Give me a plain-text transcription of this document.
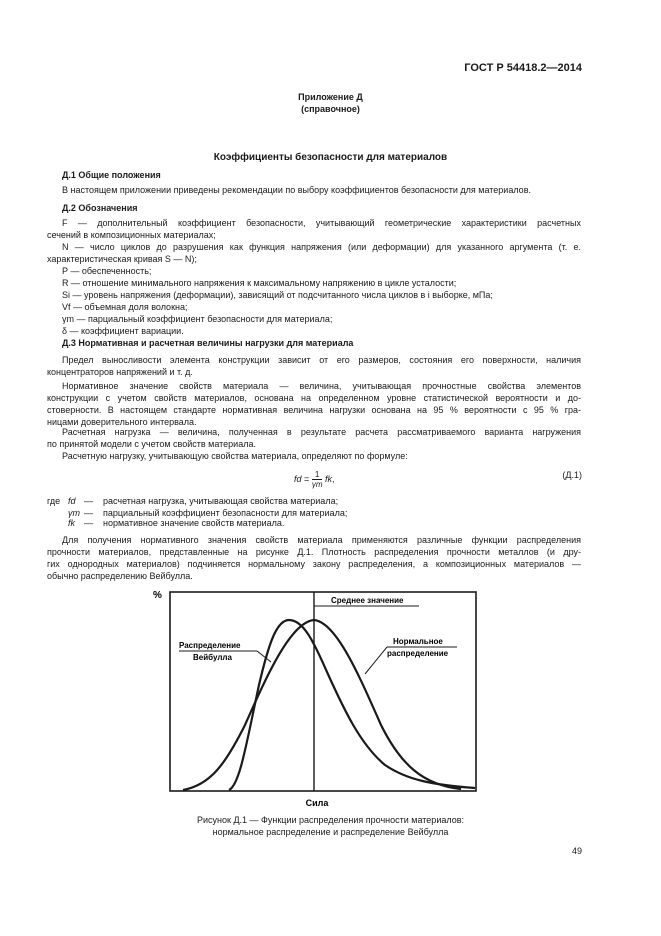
ГОСТ Р 54418.2—2014
Приложение Д
(справочное)
Коэффициенты безопасности для материалов
Д.1 Общие положения
В настоящем приложении приведены рекомендации по выбору коэффициентов безопасности для материалов.
Д.2 Обозначения
F — дополнительный коэффициент безопасности, учитывающий геометрические характеристики расчетных
сечений в композиционных материалах;
N — число циклов до разрушения как функция напряжения (или деформации) для указанного аргумента (т. е.
характеристическая кривая S — N);
P — обеспеченность;
R — отношение минимального напряжения к максимальному напряжению в цикле усталости;
Si — уровень напряжения (деформации), зависящий от подсчитанного числа циклов в i выборке, мПа;
Vf — объемная доля волокна;
γm — парциальный коэффициент безопасности для материала;
δ — коэффициент вариации.
Д.3 Нормативная и расчетная величины нагрузки для материала
Предел выносливости элемента конструкции зависит от его размеров, состояния его поверхности, наличия
концентраторов напряжений и т. д.
Нормативное значение свойств материала — величина, учитывающая прочностные свойства элементов
конструкции с учетом свойств материалов, основана на определенном уровне статистической вероятности и до-
стоверности. В настоящем стандарте нормативная величина нагрузки основана на 95 % вероятности с 95 % гра-
ницами доверительного интервала.
Расчетная нагрузка — величина, полученная в результате расчета рассматриваемого варианта нагружения
по принятой модели с учетом свойств материала.
Расчетную нагрузку, учитывающую свойства материала, определяют по формуле:
fd = $\frac{1}{\gamma m}$ fk,	(Д.1)
где fd — расчетная нагрузка, учитывающая свойства материала;
γm — парциальный коэффициент безопасности для материала;
fk — нормативное значение свойств материала.
Для получения нормативного значения свойств материала применяются различные функции распределения
прочности материалов, представленные на рисунке Д.1. Плотность распределения прочности металлов (и дру-
гих однородных материалов) подчиняется нормальному закону распределения, а композиционных материалов —
обычно распределению Вейбулла.
%	Среднее значение
Распределение
Вейбулла
Нормальное
распределение
Сила
Рисунок Д.1 — Функции распределения прочности материалов:
нормальное распределение и распределение Вейбулла
49
